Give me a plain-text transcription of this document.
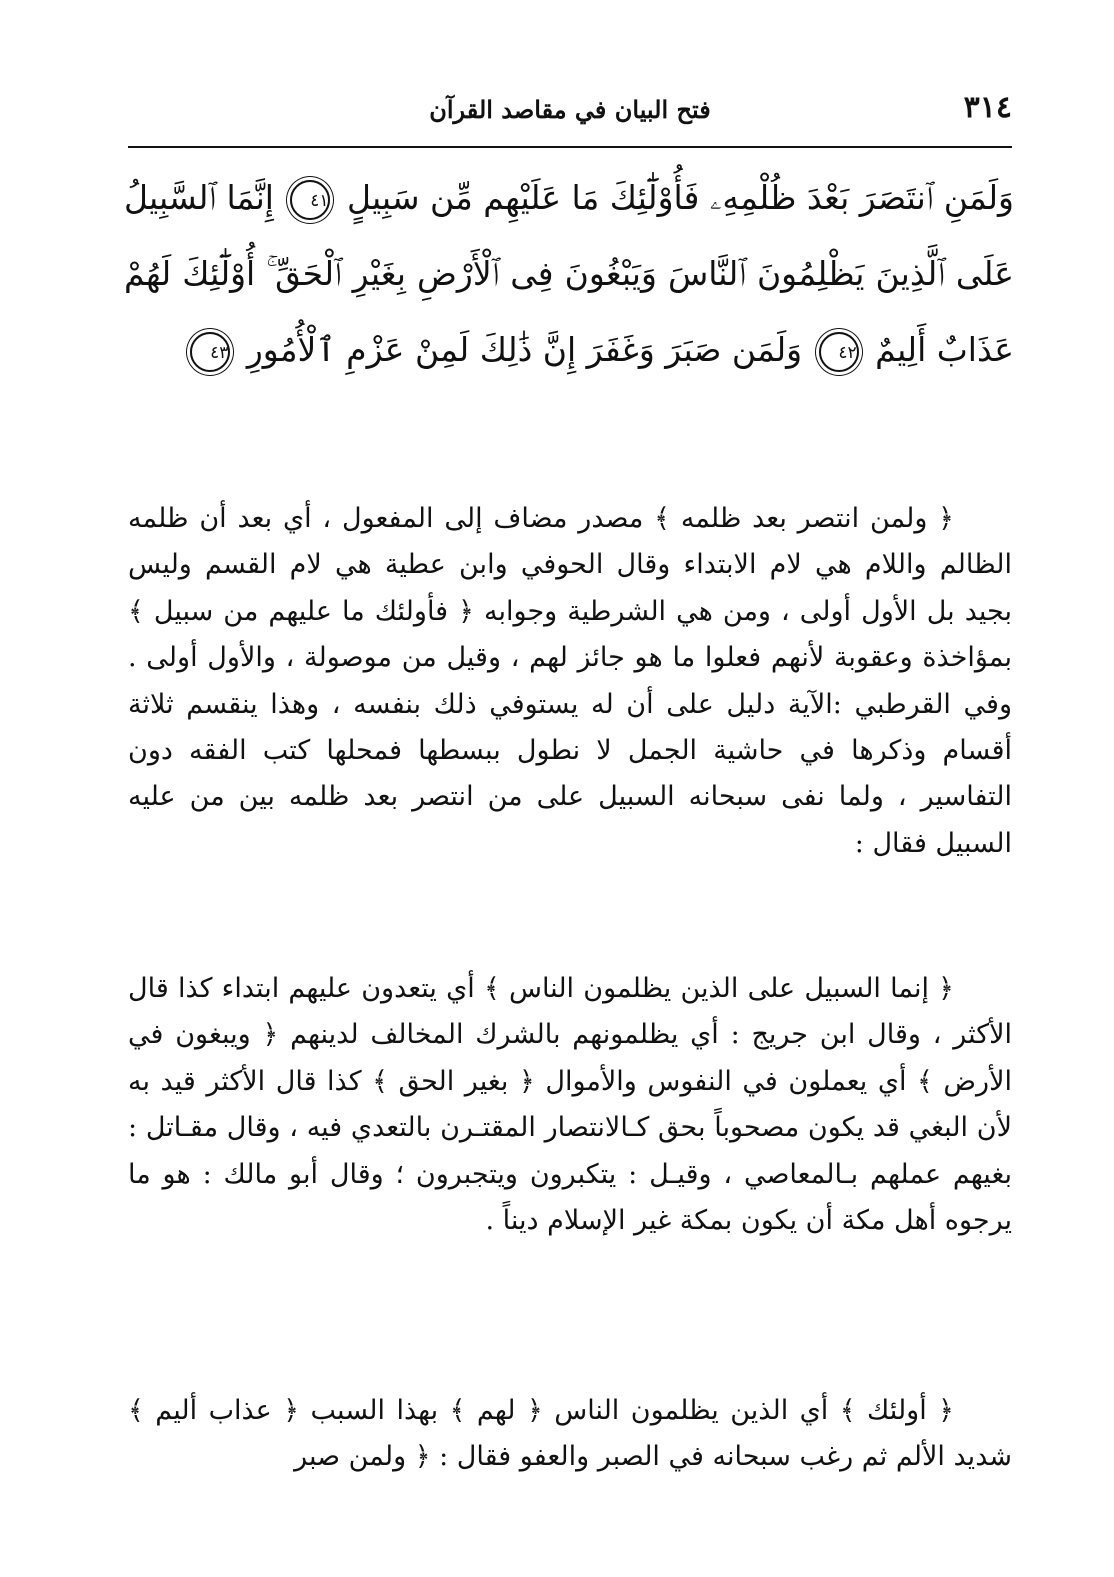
٣١٤
فتح البيان في مقاصد القرآن
وَلَمَنِ ٱنتَصَرَ بَعْدَ ظُلْمِهِۦ فَأُوْلَٰٓئِكَ مَا عَلَيْهِم مِّن سَبِيلٍ ٤١ إِنَّمَا ٱلسَّبِيلُ عَلَى ٱلَّذِينَ يَظْلِمُونَ ٱلنَّاسَ وَيَبْغُونَ فِى ٱلْأَرْضِ بِغَيْرِ ٱلْحَقِّ ۚ أُوْلَٰٓئِكَ لَهُمْ عَذَابٌ أَلِيمٌ ٤٢ وَلَمَن صَبَرَ وَغَفَرَ إِنَّ ذَٰلِكَ لَمِنْ عَزْمِ ٱلْأُمُورِ ٤٣

﴿ ولمن انتصر بعد ظلمه ﴾ مصدر مضاف إلى المفعول ، أي بعد أن ظلمه الظالم واللام هي لام الابتداء وقال الحوفي وابن عطية هي لام القسم وليس بجيد بل الأول أولى ، ومن هي الشرطية وجوابه ﴿ فأولئك ما عليهم من سبيل ﴾ بمؤاخذة وعقوبة لأنهم فعلوا ما هو جائز لهم ، وقيل من موصولة ، والأول أولى . وفي القرطبي :الآية دليل على أن له يستوفي ذلك بنفسه ، وهذا ينقسم ثلاثة أقسام وذكرها في حاشية الجمل لا نطول ببسطها فمحلها كتب الفقه دون التفاسير ، ولما نفى سبحانه السبيل على من انتصر بعد ظلمه بين من عليه السبيل فقال :

﴿ إنما السبيل على الذين يظلمون الناس ﴾ أي يتعدون عليهم ابتداء كذا قال الأكثر ، وقال ابن جريج : أي يظلمونهم بالشرك المخالف لدينهم ﴿ ويبغون في الأرض ﴾ أي يعملون في النفوس والأموال ﴿ بغير الحق ﴾ كذا قال الأكثر قيد به لأن البغي قد يكون مصحوباً بحق كـالانتصار المقتـرن بالتعدي فيه ، وقال مقـاتل : بغيهم عملهم بـالمعاصي ، وقيـل : يتكبرون ويتجبرون ؛ وقال أبو مالك : هو ما يرجوه أهل مكة أن يكون بمكة غير الإسلام ديناً .

﴿ أولئك ﴾ أي الذين يظلمون الناس ﴿ لهم ﴾ بهذا السبب ﴿ عذاب أليم ﴾ شديد الألم ثم رغب سبحانه في الصبر والعفو فقال : ﴿ ولمن صبر
